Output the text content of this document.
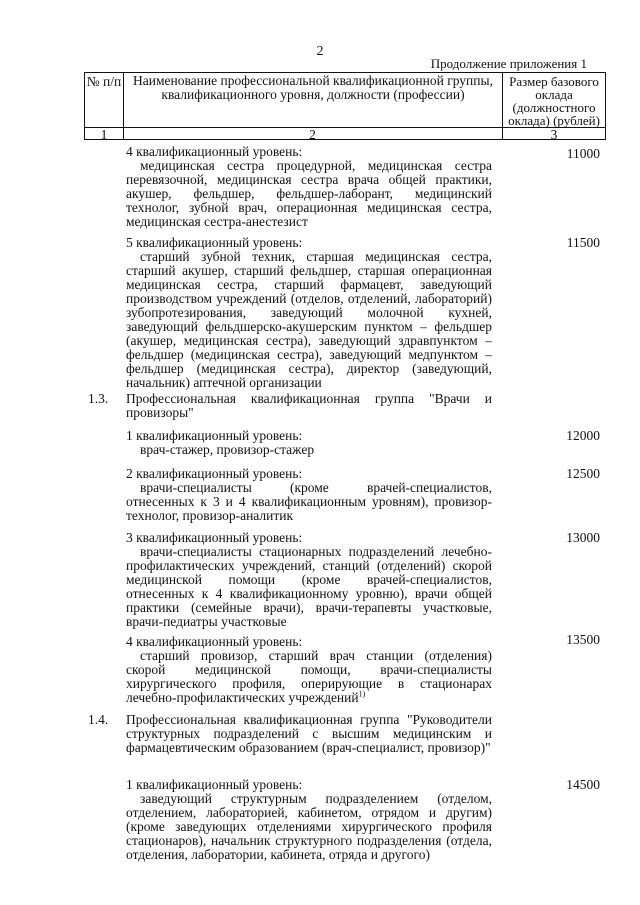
2
Продолжение приложения 1
№ п/п Наименование профессиональной квалификационной группы, квалификационного уровня, должности (профессии)
Размер базового оклада (должностного оклада) (рублей)
1	2	3
4 квалификационный уровень:
медицинская сестра процедурной, медицинская сестра перевязочной, медицинская сестра врача общей практики, акушер, фельдшер, фельдшер-лаборант, медицинский технолог, зубной врач, операционная медицинская сестра, медицинская сестра-анестезист
11000
5 квалификационный уровень:
старший зубной техник, старшая медицинская сестра, старший акушер, старший фельдшер, старшая операционная медицинская сестра, старший фармацевт, заведующий производством учреждений (отделов, отделений, лабораторий) зубопротезирования, заведующий молочной кухней, заведующий фельдшерско-акушерским пунктом – фельдшер (акушер, медицинская сестра), заведующий здравпунктом – фельдшер (медицинская сестра), заведующий медпунктом – фельдшер (медицинская сестра), директор (заведующий, начальник) аптечной организации
11500
1.3. Профессиональная квалификационная группа "Врачи и провизоры"
1 квалификационный уровень:
врач-стажер, провизор-стажер
12000
2 квалификационный уровень:
врачи-специалисты (кроме врачей-специалистов, отнесенных к 3 и 4 квалификационным уровням), провизор-технолог, провизор-аналитик
12500
3 квалификационный уровень:
врачи-специалисты стационарных подразделений лечебно-профилактических учреждений, станций (отделений) скорой медицинской помощи (кроме врачей-специалистов, отнесенных к 4 квалификационному уровню), врачи общей практики (семейные врачи), врачи-терапевты участковые, врачи-педиатры участковые
13000
4 квалификационный уровень:
старший провизор, старший врач станции (отделения) скорой медицинской помощи, врачи-специалисты хирургического профиля, оперирующие в стационарах лечебно-профилактических учреждений$^{1)}$
13500
1.4. Профессиональная квалификационная группа "Руководители структурных подразделений с высшим медицинским и фармацевтическим образованием (врач-специалист, провизор)"
1 квалификационный уровень:
заведующий структурным подразделением (отделом, отделением, лабораторией, кабинетом, отрядом и другим) (кроме заведующих отделениями хирургического профиля стационаров), начальник структурного подразделения (отдела, отделения, лаборатории, кабинета, отряда и другого)
14500
